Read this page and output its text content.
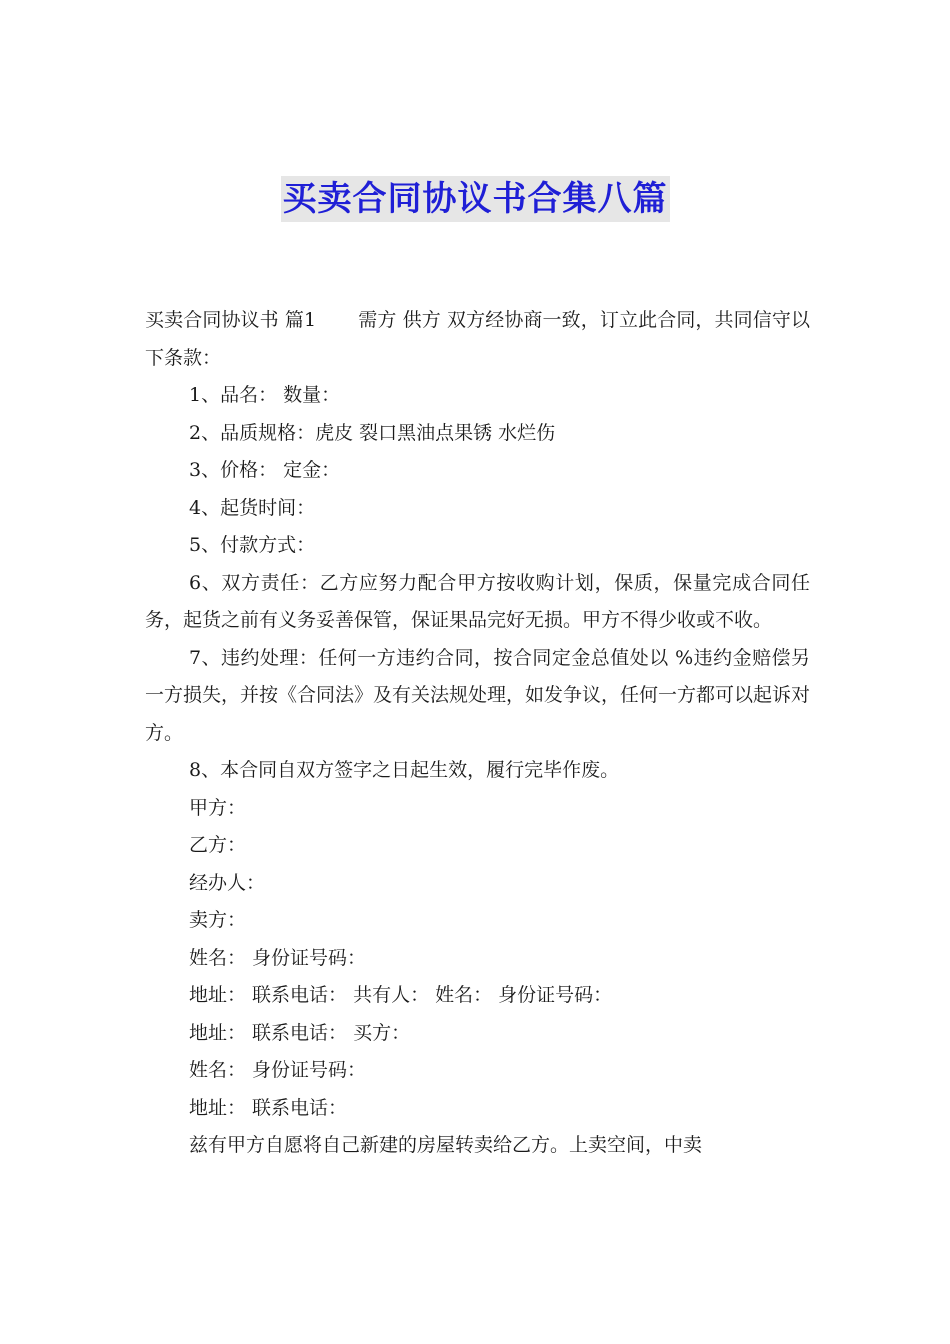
买卖合同协议书合集八篇

买卖合同协议书 篇1 需方 供方 双方经协商一致，订立此合同，共同信守以下条款：

1、品名： 数量：

2、品质规格：虎皮 裂口黑油点果锈 水烂伤

3、价格： 定金：

4、起货时间：

5、付款方式：

6、双方责任：乙方应努力配合甲方按收购计划，保质，保量完成合同任务，起货之前有义务妥善保管，保证果品完好无损。甲方不得少收或不收。

7、违约处理：任何一方违约合同，按合同定金总值处以 %违约金赔偿另一方损失，并按《合同法》及有关法规处理，如发争议，任何一方都可以起诉对方。

8、本合同自双方签字之日起生效，履行完毕作废。

甲方：

乙方：

经办人：

卖方：

姓名： 身份证号码：

地址： 联系电话： 共有人： 姓名： 身份证号码：

地址： 联系电话： 买方：

姓名： 身份证号码：

地址： 联系电话：

兹有甲方自愿将自己新建的房屋转卖给乙方。上卖空间，中卖
